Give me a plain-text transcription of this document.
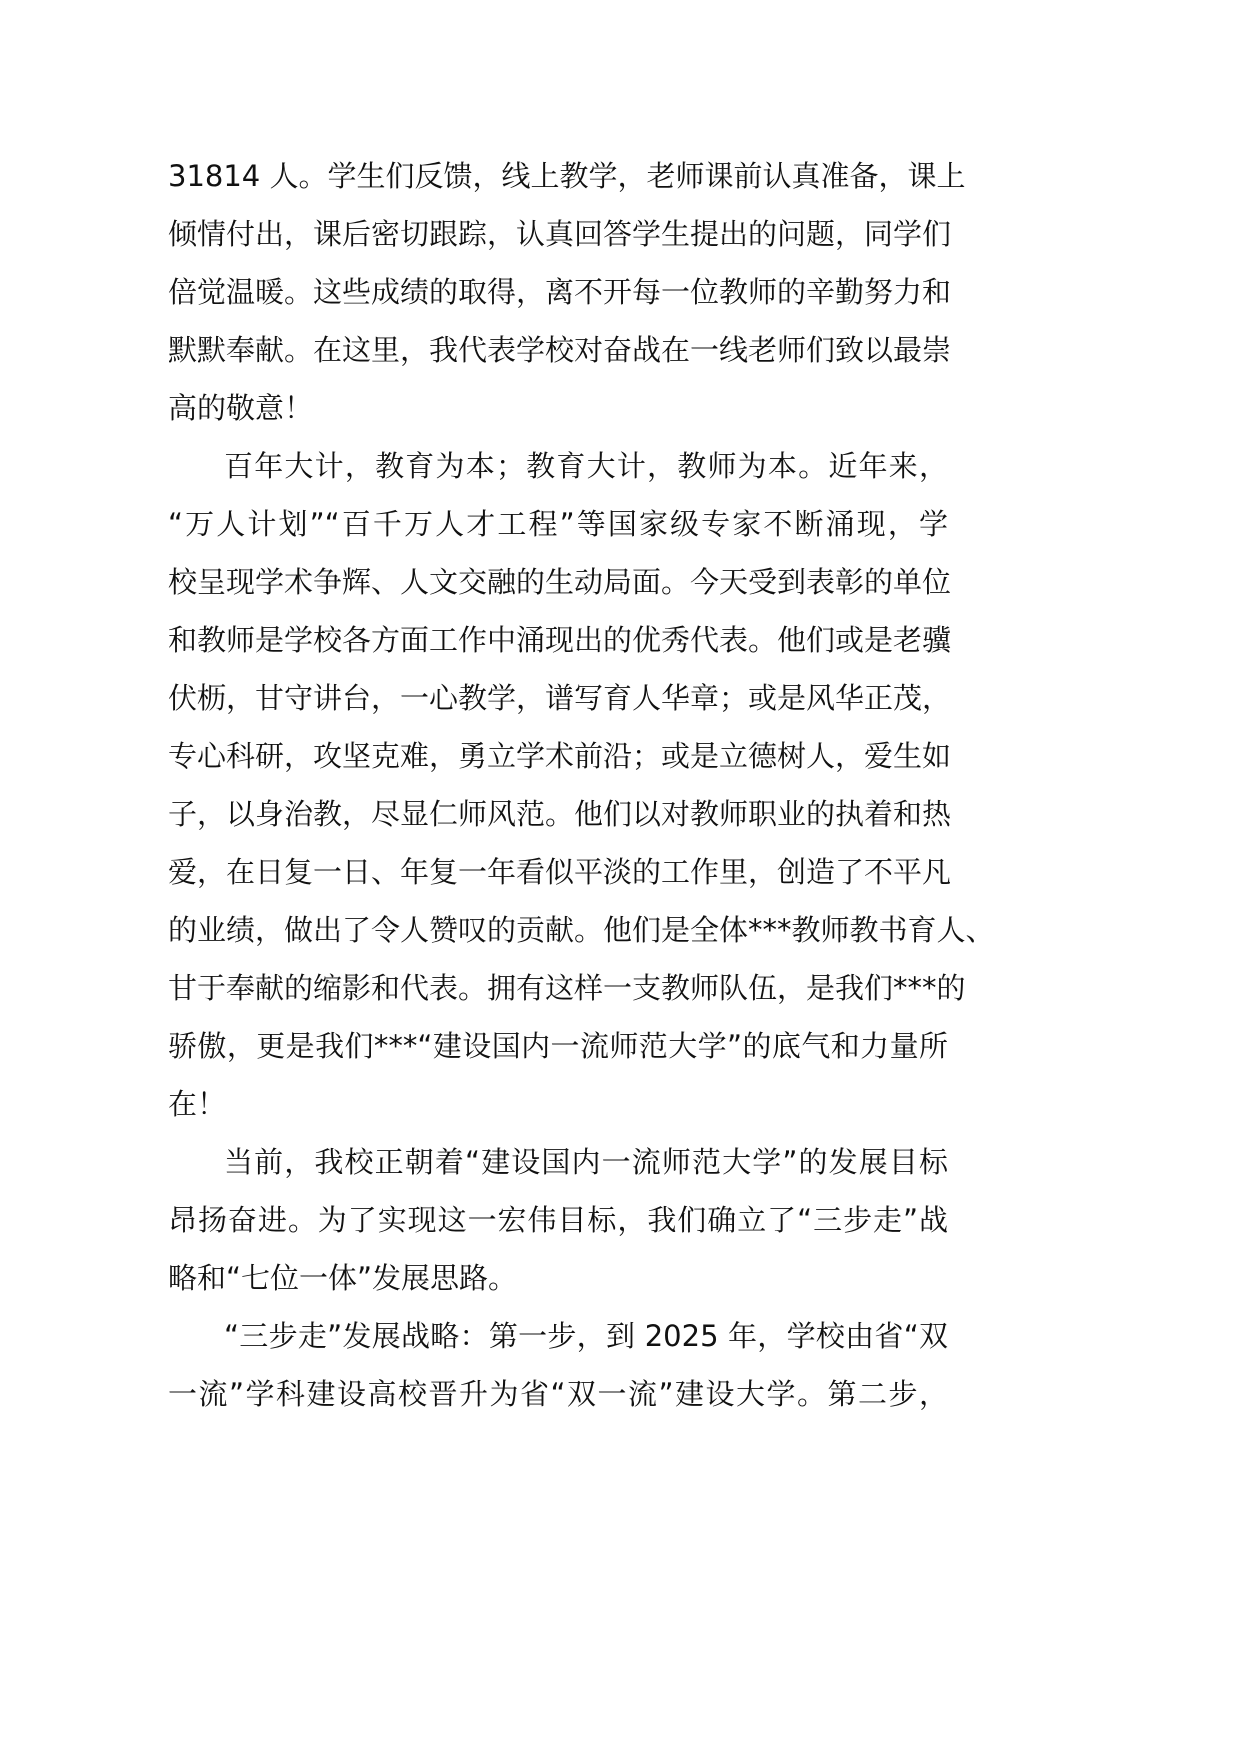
31814 人。学生们反馈，线上教学，老师课前认真准备，课上
倾情付出，课后密切跟踪，认真回答学生提出的问题，同学们
倍觉温暖。这些成绩的取得，离不开每一位教师的辛勤努力和
默默奉献。在这里，我代表学校对奋战在一线老师们致以最崇
高的敬意！
百年大计，教育为本；教育大计，教师为本。近年来，
“万人计划”“百千万人才工程”等国家级专家不断涌现，学
校呈现学术争辉、人文交融的生动局面。今天受到表彰的单位
和教师是学校各方面工作中涌现出的优秀代表。他们或是老骥
伏枥，甘守讲台，一心教学，谱写育人华章；或是风华正茂，
专心科研，攻坚克难，勇立学术前沿；或是立德树人，爱生如
子，以身治教，尽显仁师风范。他们以对教师职业的执着和热
爱，在日复一日、年复一年看似平淡的工作里，创造了不平凡
的业绩，做出了令人赞叹的贡献。他们是全体***教师教书育人、
甘于奉献的缩影和代表。拥有这样一支教师队伍，是我们***的
骄傲，更是我们***“建设国内一流师范大学”的底气和力量所
在！
当前，我校正朝着“建设国内一流师范大学”的发展目标
昂扬奋进。为了实现这一宏伟目标，我们确立了“三步走”战
略和“七位一体”发展思路。
“三步走”发展战略：第一步，到 2025 年，学校由省“双
一流”学科建设高校晋升为省“双一流”建设大学。第二步，
